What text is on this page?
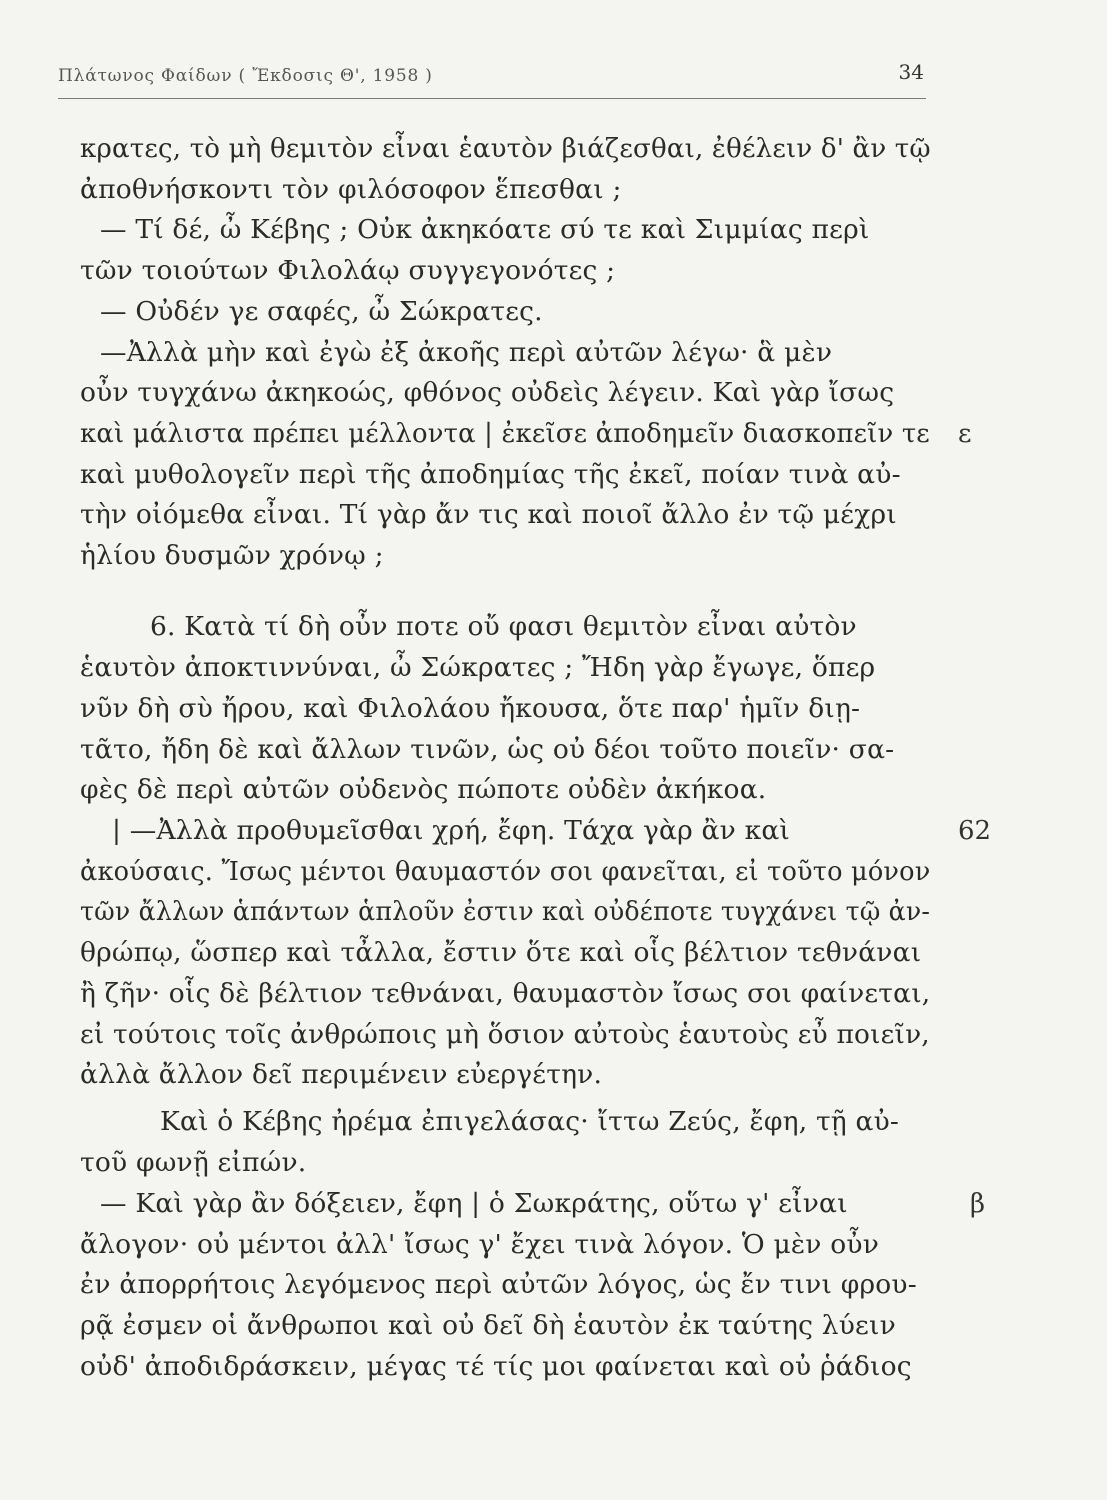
Πλάτωνος Φαίδων ( Ἔκδοσις Θ', 1958 )	34
κρατες, τὸ μὴ θεμιτὸν εἶναι ἑαυτὸν βιάζεσθαι, ἐθέλειν δ' ἂν τῷ
ἀποθνήσκοντι τὸν φιλόσοφον ἕπεσθαι ;
— Τί δέ, ὦ Κέβης ; Οὐκ ἀκηκόατε σύ τε καὶ Σιμμίας περὶ
τῶν τοιούτων Φιλολάῳ συγγεγονότες ;
— Οὐδέν γε σαφές, ὦ Σώκρατες.
—Ἀλλὰ μὴν καὶ ἐγὼ ἐξ ἀκοῆς περὶ αὐτῶν λέγω· ἃ μὲν
οὖν τυγχάνω ἀκηκοώς, φθόνος οὐδεὶς λέγειν. Καὶ γὰρ ἴσως
καὶ μάλιστα πρέπει μέλλοντα | ἐκεῖσε ἀποδημεῖν διασκοπεῖν τε
καὶ μυθολογεῖν περὶ τῆς ἀποδημίας τῆς ἐκεῖ, ποίαν τινὰ αὐ-
τὴν οἰόμεθα εἶναι. Τί γὰρ ἄν τις καὶ ποιοῖ ἄλλο ἐν τῷ μέχρι
ἡλίου δυσμῶν χρόνῳ ;
6. Κατὰ τί δὴ οὖν ποτε οὔ φασι θεμιτὸν εἶναι αὐτὸν
ἑαυτὸν ἀποκτιννύναι, ὦ Σώκρατες ; Ἤδη γὰρ ἔγωγε, ὅπερ
νῦν δὴ σὺ ἤρου, καὶ Φιλολάου ἤκουσα, ὅτε παρ' ἡμῖν διῃ-
τᾶτο, ἤδη δὲ καὶ ἄλλων τινῶν, ὡς οὐ δέοι τοῦτο ποιεῖν· σα-
φὲς δὲ περὶ αὐτῶν οὐδενὸς πώποτε οὐδὲν ἀκήκοα.
| —Ἀλλὰ προθυμεῖσθαι χρή, ἔφη. Τάχα γὰρ ἂν καὶ
ἀκούσαις. Ἴσως μέντοι θαυμαστόν σοι φανεῖται, εἰ τοῦτο μόνον
τῶν ἄλλων ἁπάντων ἁπλοῦν ἐστιν καὶ οὐδέποτε τυγχάνει τῷ ἀν-
θρώπῳ, ὥσπερ καὶ τἆλλα, ἔστιν ὅτε καὶ οἷς βέλτιον τεθνάναι
ἢ ζῆν· οἷς δὲ βέλτιον τεθνάναι, θαυμαστὸν ἴσως σοι φαίνεται,
εἰ τούτοις τοῖς ἀνθρώποις μὴ ὅσιον αὐτοὺς ἑαυτοὺς εὖ ποιεῖν,
ἀλλὰ ἄλλον δεῖ περιμένειν εὐεργέτην.
Καὶ ὁ Κέβης ἠρέμα ἐπιγελάσας· ἴττω Ζεύς, ἔφη, τῇ αὐ-
τοῦ φωνῇ εἰπών.
— Καὶ γὰρ ἂν δόξειεν, ἔφη | ὁ Σωκράτης, οὕτω γ' εἶναι
ἄλογον· οὐ μέντοι ἀλλ' ἴσως γ' ἔχει τινὰ λόγον. Ὁ μὲν οὖν
ἐν ἀπορρήτοις λεγόμενος περὶ αὐτῶν λόγος, ὡς ἔν τινι φρου-
ρᾷ ἐσμεν οἱ ἄνθρωποι καὶ οὐ δεῖ δὴ ἑαυτὸν ἐκ ταύτης λύειν
οὐδ' ἀποδιδράσκειν, μέγας τέ τίς μοι φαίνεται καὶ οὐ ῥάδιος
ε
62
β
